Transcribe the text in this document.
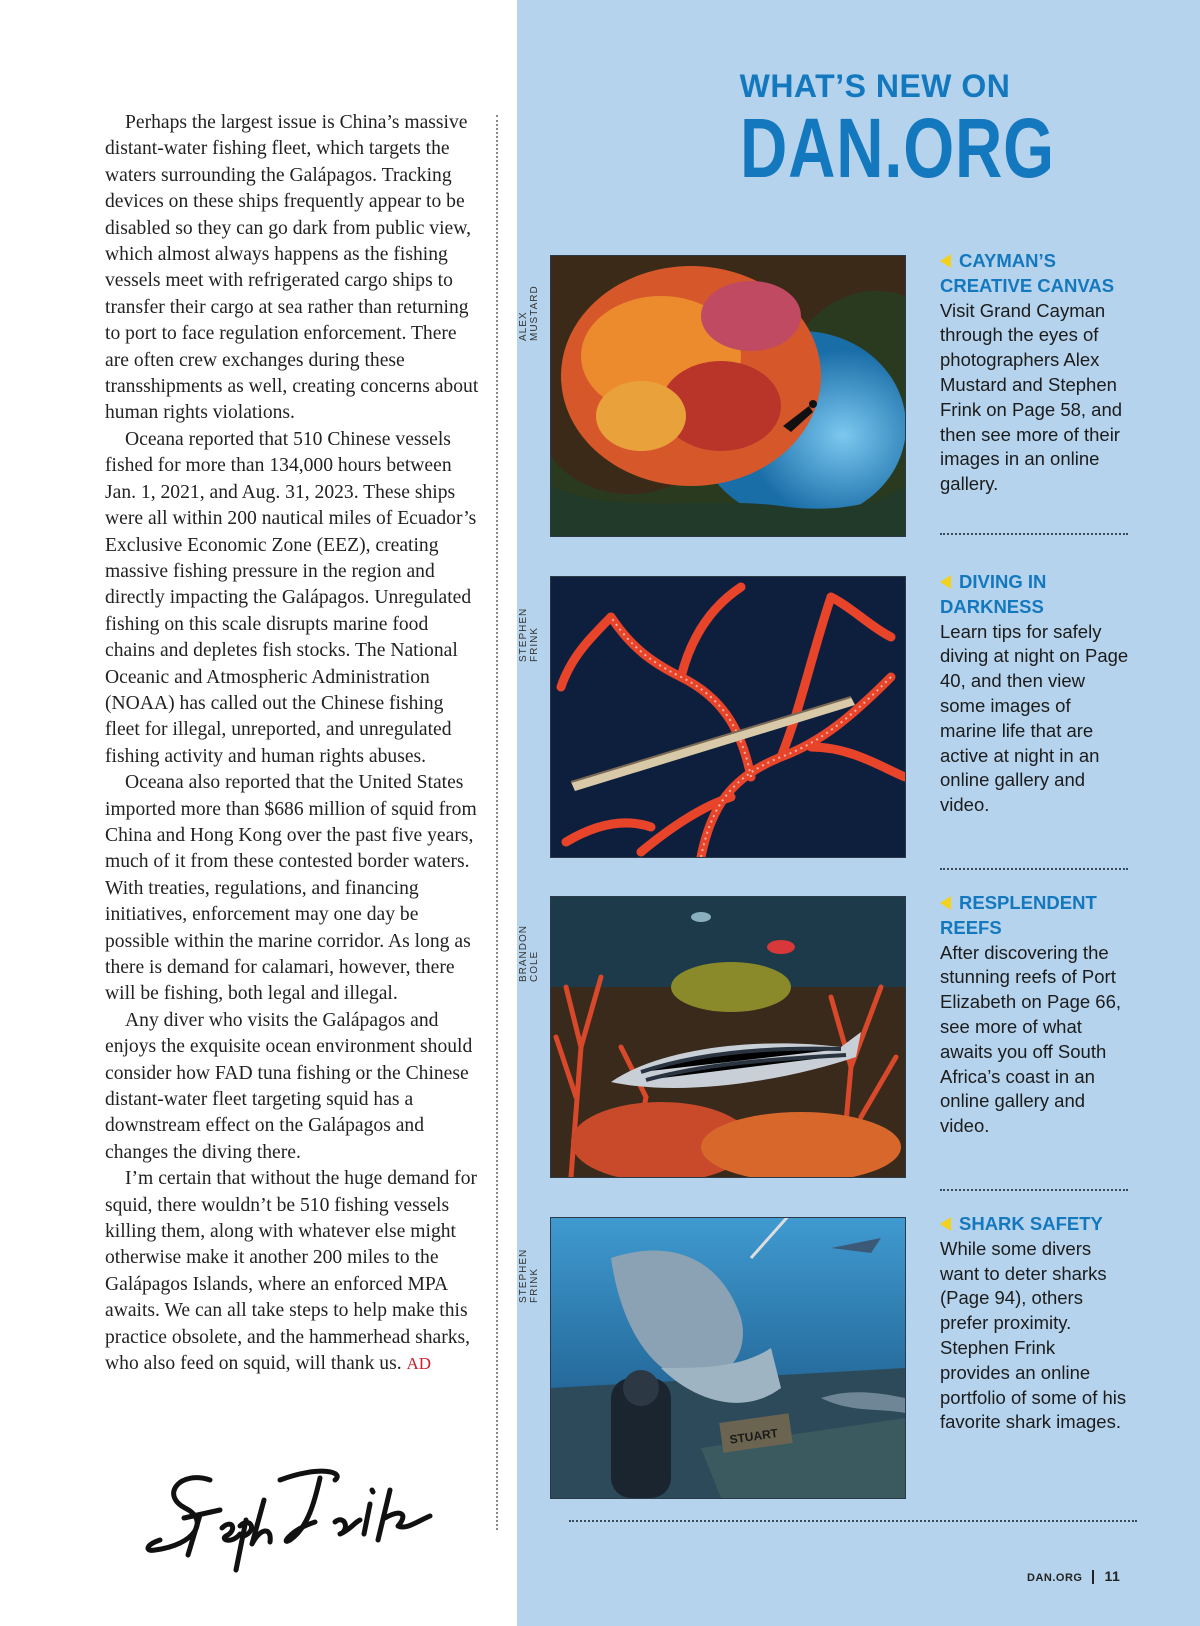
Perhaps the largest issue is China’s massive distant-water fishing fleet, which targets the waters surrounding the Galápagos. Tracking devices on these ships frequently appear to be disabled so they can go dark from public view, which almost always happens as the fishing vessels meet with refrigerated cargo ships to transfer their cargo at sea rather than returning to port to face regulation enforcement. There are often crew exchanges during these transshipments as well, creating concerns about human rights violations.

Oceana reported that 510 Chinese vessels fished for more than 134,000 hours between Jan. 1, 2021, and Aug. 31, 2023. These ships were all within 200 nautical miles of Ecuador’s Exclusive Economic Zone (EEZ), creating massive fishing pressure in the region and directly impacting the Galápagos. Unregulated fishing on this scale disrupts marine food chains and depletes fish stocks. The National Oceanic and Atmospheric Administration (NOAA) has called out the Chinese fishing fleet for illegal, unreported, and unregulated fishing activity and human rights abuses.

Oceana also reported that the United States imported more than $686 million of squid from China and Hong Kong over the past five years, much of it from these contested border waters. With treaties, regulations, and financing initiatives, enforcement may one day be possible within the marine corridor. As long as there is demand for calamari, however, there will be fishing, both legal and illegal.

Any diver who visits the Galápagos and enjoys the exquisite ocean environment should consider how FAD tuna fishing or the Chinese distant-water fleet targeting squid has a downstream effect on the Galápagos and changes the diving there.

I’m certain that without the huge demand for squid, there wouldn’t be 510 fishing vessels killing them, along with whatever else might otherwise make it another 200 miles to the Galápagos Islands, where an enforced MPA awaits. We can all take steps to help make this practice obsolete, and the hammerhead sharks, who also feed on squid, will thank us. AD

WHAT’S NEW ON
DAN.ORG
ALEX MUSTARD
CAYMAN’S CREATIVE CANVAS
Visit Grand Cayman through the eyes of photographers Alex Mustard and Stephen Frink on Page 58, and then see more of their images in an online gallery.
STEPHEN FRINK
DIVING IN DARKNESS
Learn tips for safely diving at night on Page 40, and then view some images of marine life that are active at night in an online gallery and video.
BRANDON COLE
RESPLENDENT REEFS
After discovering the stunning reefs of Port Elizabeth on Page 66, see more of what awaits you off South Africa’s coast in an online gallery and video.
STEPHEN FRINK
STUART
SHARK SAFETY
While some divers want to deter sharks (Page 94), others prefer proximity. Stephen Frink provides an online portfolio of some of his favorite shark images.
DAN.ORG 11
